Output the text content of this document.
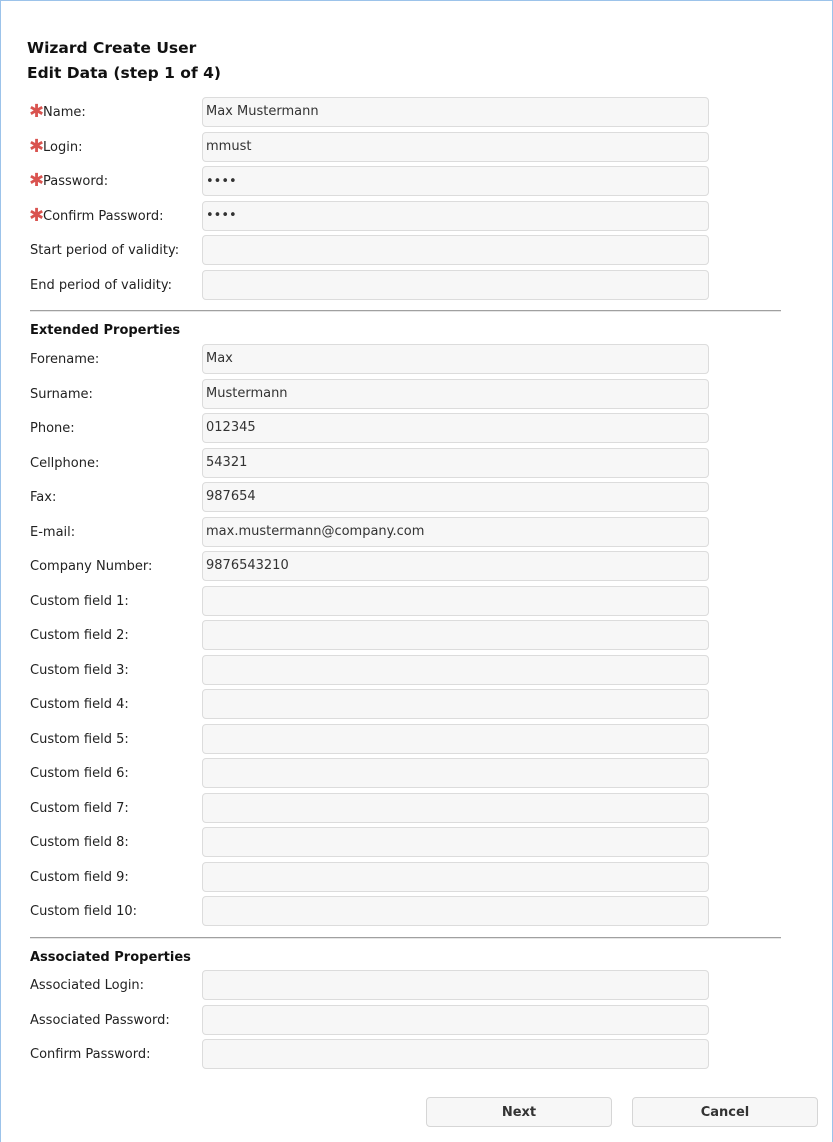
Wizard Create User
Edit Data (step 1 of 4)
✱
Name:	Max Mustermann
✱
Login:	mmust
✱
Password:
✱
Confirm Password:
Start period of validity:
End period of validity:
Extended Properties
Forename:	Max
Surname:	Mustermann
Phone:	012345
Cellphone:	54321
Fax:	987654
E-mail:	max.mustermann@company.com
Company Number:	9876543210
Custom field 1:
Custom field 2:
Custom field 3:
Custom field 4:
Custom field 5:
Custom field 6:
Custom field 7:
Custom field 8:
Custom field 9:
Custom field 10:
Associated Properties
Associated Login:
Associated Password:
Confirm Password:
Next	Cancel
